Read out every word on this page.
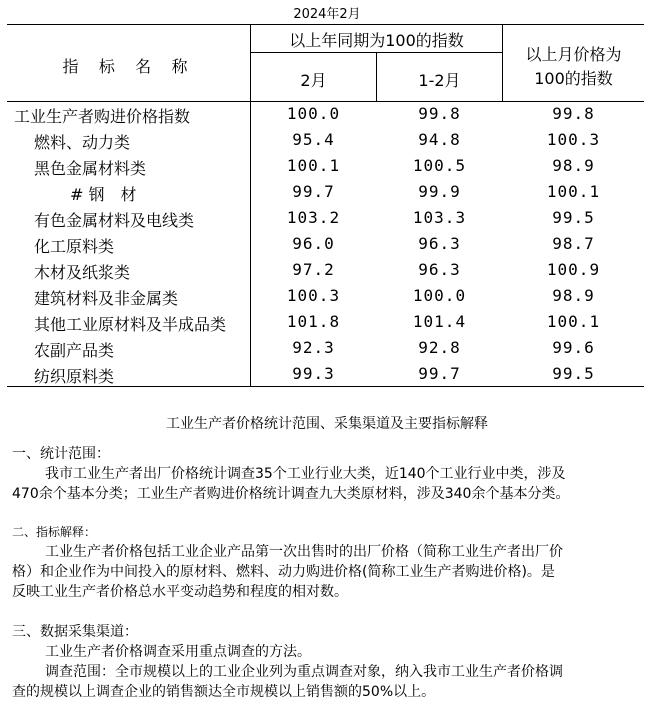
2024年2月
指    标    名    称
以上年同期为100的指数
2月	1-2月
以上月价格为
100的指数
工业生产者购进价格指数	100.0	99.8	99.8
燃料、动力类	95.4	94.8	100.3
黑色金属材料类	100.1	100.5	98.9
# 钢　材	99.7	99.9	100.1
有色金属材料及电线类	103.2	103.3	99.5
化工原料类	96.0	96.3	98.7
木材及纸浆类	97.2	96.3	100.9
建筑材料及非金属类	100.3	100.0	98.9
其他工业原材料及半成品类	101.8	101.4	100.1
农副产品类	92.3	92.8	99.6
纺织原料类	99.3	99.7	99.5
工业生产者价格统计范围、采集渠道及主要指标解释
一、统计范围：
我市工业生产者出厂价格统计调查35个工业行业大类，近140个工业行业中类，涉及
470余个基本分类；工业生产者购进价格统计调查九大类原材料，涉及340余个基本分类。
二、指标解释：
工业生产者价格包括工业企业产品第一次出售时的出厂价格（简称工业生产者出厂价
格）和企业作为中间投入的原材料、燃料、动力购进价格(简称工业生产者购进价格)。是
反映工业生产者价格总水平变动趋势和程度的相对数。
三、数据采集渠道：
工业生产者价格调查采用重点调查的方法。
调查范围：全市规模以上的工业企业列为重点调查对象，纳入我市工业生产者价格调
查的规模以上调查企业的销售额达全市规模以上销售额的50%以上。
